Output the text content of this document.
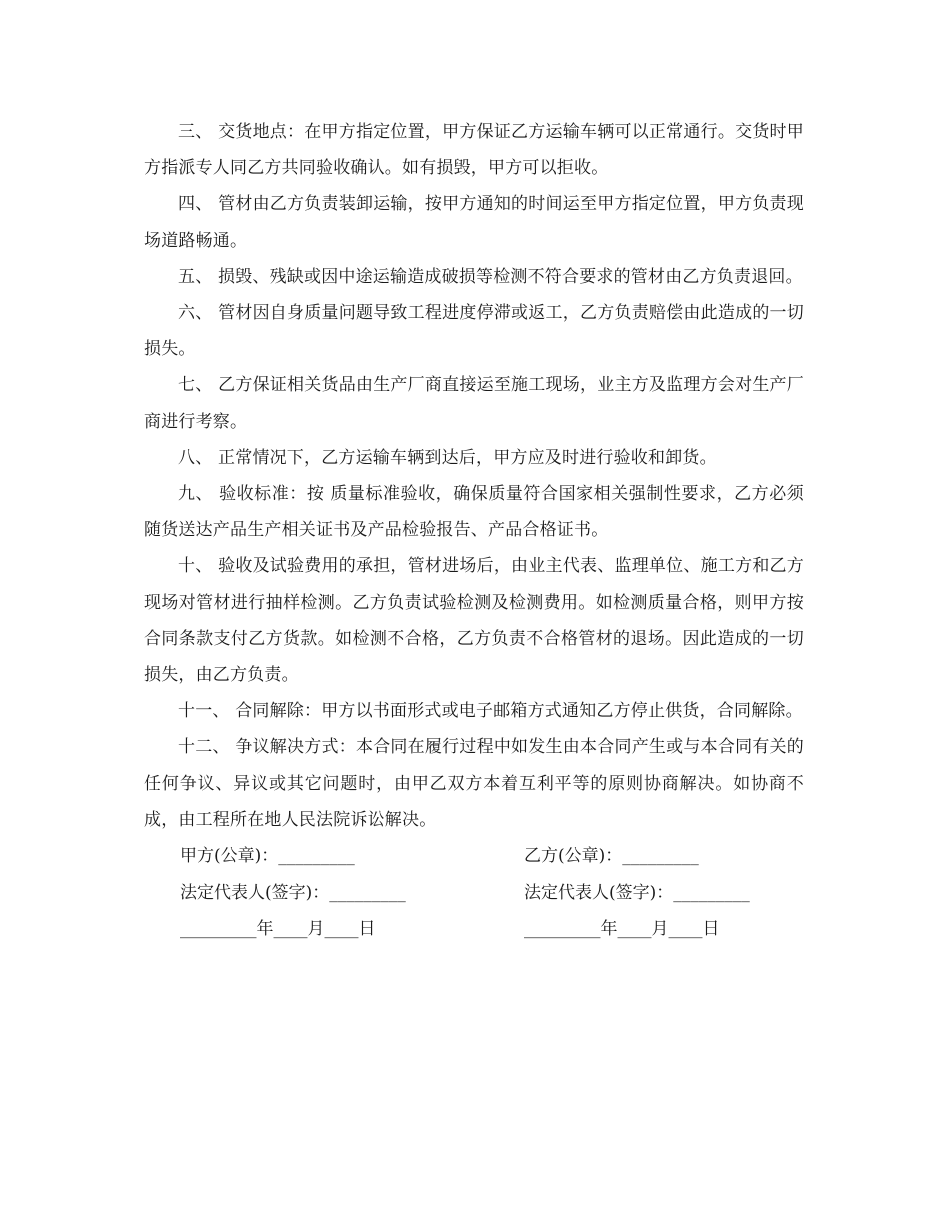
三、 交货地点：在甲方指定位置，甲方保证乙方运输车辆可以正常通行。交货时甲方指派专人同乙方共同验收确认。如有损毁，甲方可以拒收。

四、 管材由乙方负责装卸运输，按甲方通知的时间运至甲方指定位置，甲方负责现场道路畅通。

五、 损毁、残缺或因中途运输造成破损等检测不符合要求的管材由乙方负责退回。

六、 管材因自身质量问题导致工程进度停滞或返工，乙方负责赔偿由此造成的一切损失。

七、 乙方保证相关货品由生产厂商直接运至施工现场，业主方及监理方会对生产厂商进行考察。

八、 正常情况下，乙方运输车辆到达后，甲方应及时进行验收和卸货。

九、 验收标准：按 质量标准验收，确保质量符合国家相关强制性要求，乙方必须随货送达产品生产相关证书及产品检验报告、产品合格证书。

十、 验收及试验费用的承担，管材进场后，由业主代表、监理单位、施工方和乙方现场对管材进行抽样检测。乙方负责试验检测及检测费用。如检测质量合格，则甲方按合同条款支付乙方货款。如检测不合格，乙方负责不合格管材的退场。因此造成的一切损失，由乙方负责。

十一、 合同解除：甲方以书面形式或电子邮箱方式通知乙方停止供货，合同解除。

十二、 争议解决方式：本合同在履行过程中如发生由本合同产生或与本合同有关的任何争议、异议或其它问题时，由甲乙双方本着互利平等的原则协商解决。如协商不成，由工程所在地人民法院诉讼解决。

甲方(公章)：_________	乙方(公章)：_________
法定代表人(签字)：_________	法定代表人(签字)：_________
_________年____月____日	_________年____月____日
